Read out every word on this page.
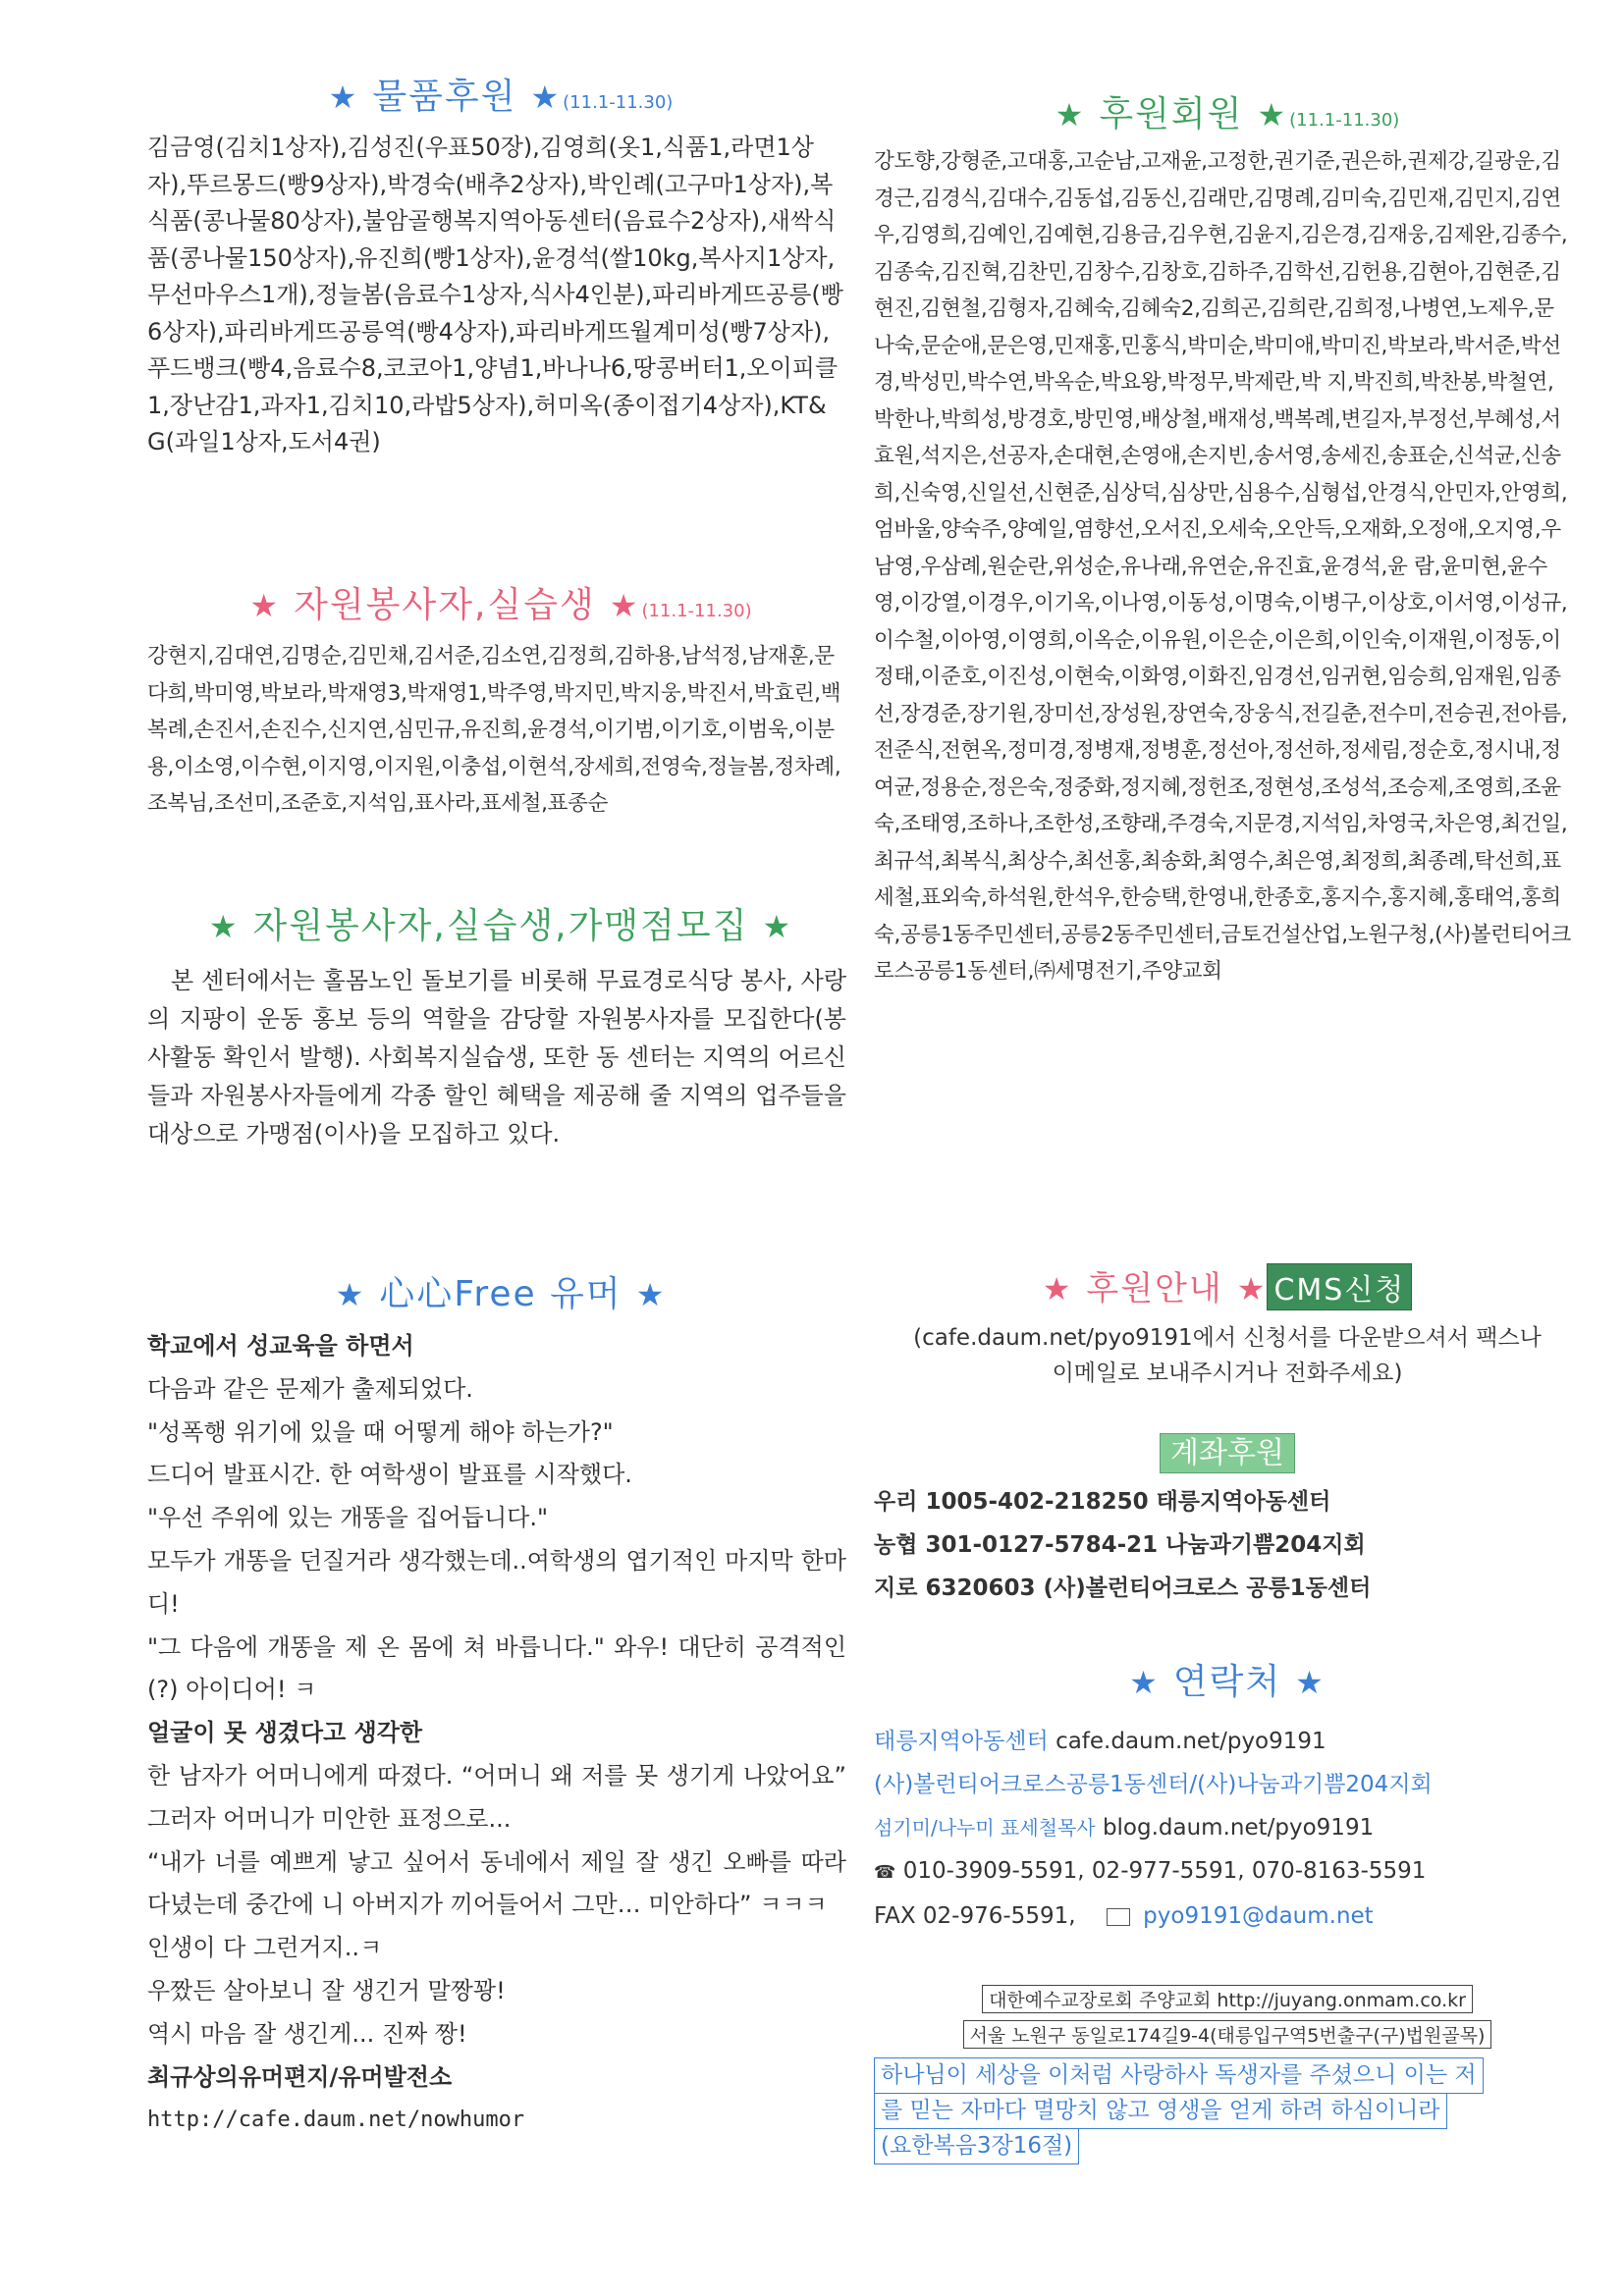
★ 물품후원 ★ (11.1-11.30)
김금영(김치1상자),김성진(우표50장),김영희(옷1,식품1,라면1상자),뚜르몽드(빵9상자),박경숙(배추2상자),박인례(고구마1상자),복식품(콩나물80상자),불암골행복지역아동센터(음료수2상자),새싹식품(콩나물150상자),유진희(빵1상자),윤경석(쌀10kg,복사지1상자,무선마우스1개),정늘봄(음료수1상자,식사4인분),파리바게뜨공릉(빵6상자),파리바게뜨공릉역(빵4상자),파리바게뜨월계미성(빵7상자),푸드뱅크(빵4,음료수8,코코아1,양념1,바나나6,땅콩버터1,오이피클1,장난감1,과자1,김치10,라밥5상자),허미옥(종이접기4상자),KT&G(과일1상자,도서4권)
★ 자원봉사자,실습생 ★ (11.1-11.30)
강현지,김대연,김명순,김민채,김서준,김소연,김정희,김하용,남석정,남재훈,문다희,박미영,박보라,박재영3,박재영1,박주영,박지민,박지웅,박진서,박효린,백복례,손진서,손진수,신지연,심민규,유진희,윤경석,이기범,이기호,이범욱,이분용,이소영,이수현,이지영,이지원,이충섭,이현석,장세희,전영숙,정늘봄,정차례,조복님,조선미,조준호,지석임,표사라,표세철,표종순
★ 자원봉사자,실습생,가맹점모집 ★
본 센터에서는 홀몸노인 돌보기를 비롯해 무료경로식당 봉사, 사랑의 지팡이 운동 홍보 등의 역할을 감당할 자원봉사자를 모집한다(봉사활동 확인서 발행). 사회복지실습생, 또한 동 센터는 지역의 어르신들과 자원봉사자들에게 각종 할인 혜택을 제공해 줄 지역의 업주들을 대상으로 가맹점(이사)을 모집하고 있다.
★ 心心Free 유머 ★
학교에서 성교육을 하면서
다음과 같은 문제가 출제되었다.
"성폭행 위기에 있을 때 어떻게 해야 하는가?"
드디어 발표시간. 한 여학생이 발표를 시작했다.
"우선 주위에 있는 개똥을 집어듭니다."
모두가 개똥을 던질거라 생각했는데..여학생의 엽기적인 마지막 한마디!
"그 다음에 개똥을 제 온 몸에 쳐 바릅니다." 와우! 대단히 공격적인(?) 아이디어! ㅋ
얼굴이 못 생겼다고 생각한
한 남자가 어머니에게 따졌다. “어머니 왜 저를 못 생기게 나았어요” 그러자 어머니가 미안한 표정으로...
“내가 너를 예쁘게 낳고 싶어서 동네에서 제일 잘 생긴 오빠를 따라 다녔는데 중간에 니 아버지가 끼어들어서 그만… 미안하다” ㅋㅋㅋ
인생이 다 그런거지..ㅋ
우짰든 살아보니 잘 생긴거 말짱꽝!
역시 마음 잘 생긴게... 진짜 짱!
최규상의유머편지/유머발전소
http://cafe.daum.net/nowhumor
★ 후원회원 ★ (11.1-11.30)
강도향,강형준,고대홍,고순남,고재윤,고정한,권기준,권은하,권제강,길광운,김경근,김경식,김대수,김동섭,김동신,김래만,김명례,김미숙,김민재,김민지,김연우,김영희,김예인,김예현,김용금,김우현,김윤지,김은경,김재웅,김제완,김종수,김종숙,김진혁,김찬민,김창수,김창호,김하주,김학선,김헌용,김현아,김현준,김현진,김현철,김형자,김혜숙,김혜숙2,김희곤,김희란,김희정,나병연,노제우,문나숙,문순애,문은영,민재홍,민홍식,박미순,박미애,박미진,박보라,박서준,박선경,박성민,박수연,박옥순,박요왕,박정무,박제란,박 지,박진희,박찬봉,박철연,박한나,박희성,방경호,방민영,배상철,배재성,백복례,변길자,부정선,부혜성,서효원,석지은,선공자,손대현,손영애,손지빈,송서영,송세진,송표순,신석균,신송희,신숙영,신일선,신현준,심상덕,심상만,심용수,심형섭,안경식,안민자,안영희,엄바울,양숙주,양예일,염향선,오서진,오세숙,오안득,오재화,오정애,오지영,우남영,우삼례,원순란,위성순,유나래,유연순,유진효,윤경석,윤 람,윤미현,윤수영,이강열,이경우,이기옥,이나영,이동성,이명숙,이병구,이상호,이서영,이성규,이수철,이아영,이영희,이옥순,이유원,이은순,이은희,이인숙,이재원,이정동,이정태,이준호,이진성,이현숙,이화영,이화진,임경선,임귀현,임승희,임재원,임종선,장경준,장기원,장미선,장성원,장연숙,장웅식,전길춘,전수미,전승권,전아름,전준식,전현옥,정미경,정병재,정병훈,정선아,정선하,정세림,정순호,정시내,정여균,정용순,정은숙,정중화,정지혜,정헌조,정현성,조성석,조승제,조영희,조윤숙,조태영,조하나,조한성,조향래,주경숙,지문경,지석임,차영국,차은영,최건일,최규석,최복식,최상수,최선홍,최송화,최영수,최은영,최정희,최종례,탁선희,표세철,표외숙,하석원,한석우,한승택,한영내,한종호,홍지수,홍지혜,홍태억,홍희숙,공릉1동주민센터,공릉2동주민센터,금토건설산업,노원구청,(사)볼런티어크로스공릉1동센터,㈜세명전기,주양교회
★ 후원안내 ★ CMS신청
(cafe.daum.net/pyo9191에서 신청서를 다운받으셔서 팩스나 이메일로 보내주시거나 전화주세요)
계좌후원
우리 1005-402-218250 태릉지역아동센터
농협 301-0127-5784-21 나눔과기쁨204지회
지로 6320603 (사)볼런티어크로스 공릉1동센터
★ 연락처 ★
태릉지역아동센터 cafe.daum.net/pyo9191
(사)볼런티어크로스공릉1동센터/(사)나눔과기쁨204지회
섬기미/나누미 표세철목사 blog.daum.net/pyo9191
☎ 010-3909-5591, 02-977-5591, 070-8163-5591
FAX 02-976-5591,	pyo9191@daum.net
대한예수교장로회 주양교회 http://juyang.onmam.co.kr
서울 노원구 동일로174길9-4(태릉입구역5번출구(구)법원골목)
하나님이 세상을 이처럼 사랑하사 독생자를 주셨으니 이는 저
를 믿는 자마다 멸망치 않고 영생을 얻게 하려 하심이니라
(요한복음3장16절)
